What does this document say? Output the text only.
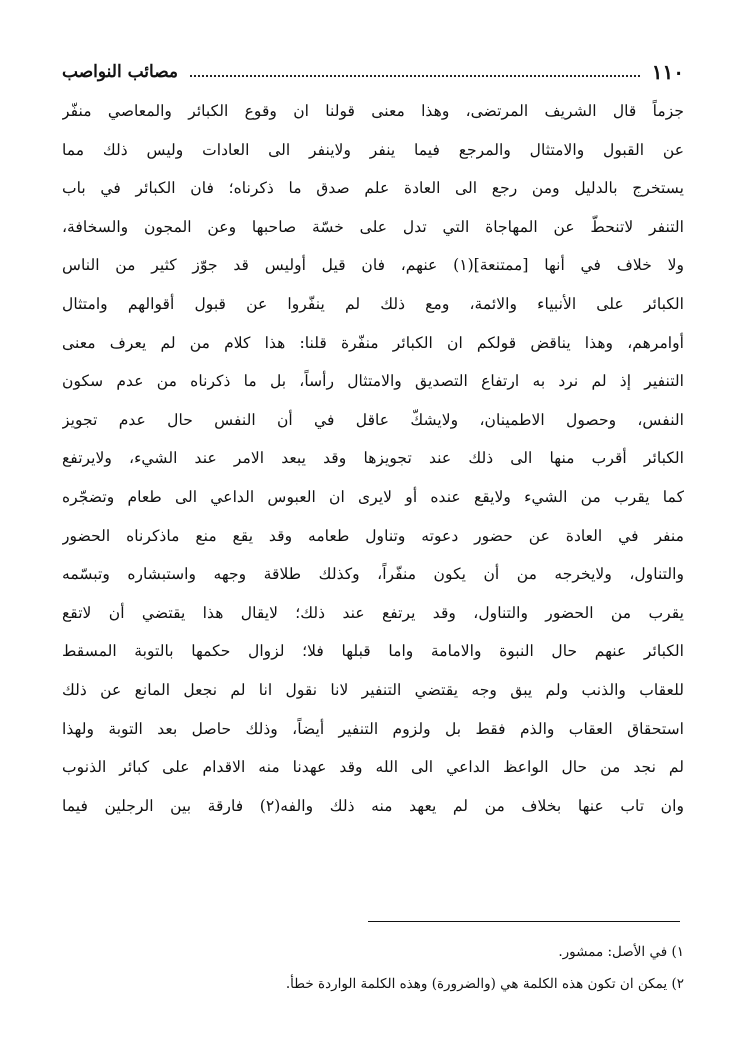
١١٠
مصائب النواصب
جزماً قال الشريف المرتضى، وهذا معنى قولنا ان وقوع الكبائر والمعاصي منفّر
عن القبول والامتثال والمرجع فيما ينفر ولاينفر الى العادات وليس ذلك مما
يستخرج بالدليل ومن رجع الى العادة علم صدق ما ذكرناه؛ فان الكبائر في باب
التنفر لاتنحطّ عن المهاجاة التي تدل على خسّة صاحبها وعن المجون والسخافة،
ولا خلاف في أنها [ممتنعة](١) عنهم، فان قيل أوليس قد جوّز كثير من الناس
الكبائر على الأنبياء والائمة، ومع ذلك لم ينفّروا عن قبول أقوالهم وامتثال
أوامرهم، وهذا يناقض قولكم ان الكبائر منفّرة قلنا: هذا كلام من لم يعرف معنى
التنفير إذ لم نرد به ارتفاع التصديق والامتثال رأساً، بل ما ذكرناه من عدم سكون
النفس، وحصول الاطمينان، ولايشكّ عاقل في أن النفس حال عدم تجويز
الكبائر أقرب منها الى ذلك عند تجويزها وقد يبعد الامر عند الشيء، ولايرتفع
كما يقرب من الشيء ولايقع عنده أو لايرى ان العبوس الداعي الى طعام وتضجّره
منفر في العادة عن حضور دعوته وتناول طعامه وقد يقع منع ماذكرناه الحضور
والتناول، ولايخرجه من أن يكون منفّراً، وكذلك طلاقة وجهه واستبشاره وتبسّمه
يقرب من الحضور والتناول، وقد يرتفع عند ذلك؛ لايقال هذا يقتضي أن لاتقع
الكبائر عنهم حال النبوة والامامة واما قبلها فلا؛ لزوال حكمها بالتوبة المسقط
للعقاب والذنب ولم يبق وجه يقتضي التنفير لانا نقول انا لم نجعل المانع عن ذلك
استحقاق العقاب والذم فقط بل ولزوم التنفير أيضاً، وذلك حاصل بعد التوبة ولهذا
لم نجد من حال الواعظ الداعي الى الله وقد عهدنا منه الاقدام على كبائر الذنوب
وان تاب عنها بخلاف من لم يعهد منه ذلك والفه(٢) فارقة بين الرجلين فيما
١) في الأصل: ممشور.
٢) يمكن ان تكون هذه الكلمة هي (والضرورة) وهذه الكلمة الواردة خطأ.
